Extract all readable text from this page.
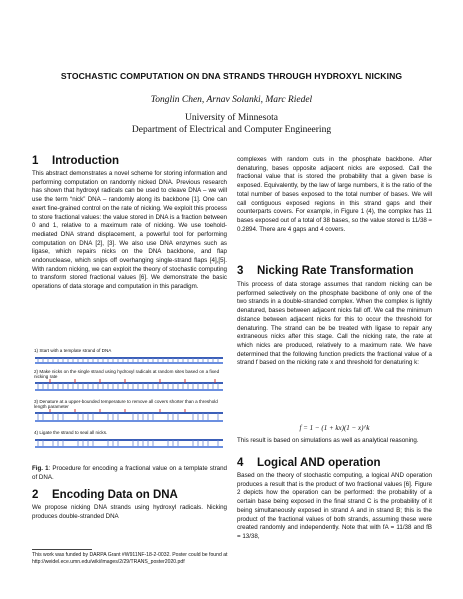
STOCHASTIC COMPUTATION ON DNA STRANDS THROUGH HYDROXYL NICKING
Tonglin Chen, Arnav Solanki, Marc Riedel
University of Minnesota
Department of Electrical and Computer Engineering
1 Introduction
This abstract demonstrates a novel scheme for storing information and performing computation on randomly nicked DNA. Previous research has shown that hydroxyl radicals can be used to cleave DNA – we will use the term “nick” DNA – randomly along its backbone [1]. One can exert fine-grained control on the rate of nicking. We exploit this process to store fractional values: the value stored in DNA is a fraction between 0 and 1, relative to a maximum rate of nicking. We use toehold-mediated DNA strand displacement, a powerful tool for performing computation on DNA [2], [3]. We also use DNA enzymes such as ligase, which repairs nicks on the DNA backbone, and flap endonuclease, which snips off overhanging single-strand flaps [4],[5]. With random nicking, we can exploit the theory of stochastic computing to transform stored fractional values [6]. We demonstrate the basic operations of data storage and computation in this paradigm.
1) Start with a template strand of DNA
2) Make nicks on the single strand using hydroxyl radicals at random sites based on a fixed nicking rate
3) Denature at a upper-bounded temperature to remove all covers shorter than a threshold length parameter
4) Ligate the strand to seal all nicks.
Fig. 1: Procedure for encoding a fractional value on a template strand of DNA.
2 Encoding Data on DNA
We propose nicking DNA strands using hydroxyl radicals. Nicking produces double-stranded DNA
This work was funded by DARPA Grant #W911NF-18-2-0032. Poster could be found at http://weidel.ece.umn.edu/wiki/images/2/29/TRANS_poster2020.pdf
complexes with random cuts in the phosphate backbone. After denaturing, bases opposite adjacent nicks are exposed. Call the fractional value that is stored the probability that a given base is exposed. Equivalently, by the law of large numbers, it is the ratio of the total number of bases exposed to the total number of bases. We will call contiguous exposed regions in this strand gaps and their counterparts covers. For example, in Figure 1 (4), the complex has 11 bases exposed out of a total of 38 bases, so the value stored is 11/38 ≈ 0.2894. There are 4 gaps and 4 covers.
3 Nicking Rate Transformation
This process of data storage assumes that random nicking can be performed selectively on the phosphate backbone of only one of the two strands in a double-stranded complex. When the complex is lightly denatured, bases between adjacent nicks fall off. We call the minimum distance between adjacent nicks for this to occur the threshold for denaturing. The strand can be be treated with ligase to repair any extraneous nicks after this stage. Call the nicking rate, the rate at which nicks are produced, relatively to a maximum rate. We have determined that the following function predicts the fractional value of a strand f based on the nicking rate x and threshold for denaturing k:
f = 1 − (1 + kx)(1 − x)^k
This result is based on simulations as well as analytical reasoning.
4 Logical AND operation
Based on the theory of stochastic computing, a logical AND operation produces a result that is the product of two fractional values [6]. Figure 2 depicts how the operation can be performed: the probability of a certain base being exposed in the final strand C is the probability of it being simultaneously exposed in strand A and in strand B; this is the product of the fractional values of both strands, assuming these were created randomly and independently. Note that with fA = 11/38 and fB = 13/38,
